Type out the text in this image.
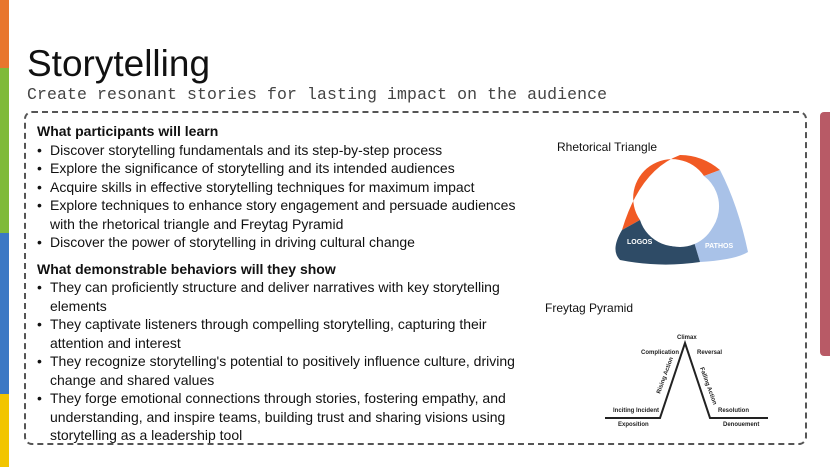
Storytelling
Create resonant stories for lasting impact on the audience
What participants will learn
• Discover storytelling fundamentals and its step-by-step process
• Explore the significance of storytelling and its intended audiences
• Acquire skills in effective storytelling techniques for maximum impact
• Explore techniques to enhance story engagement and persuade audiences with the rhetorical triangle and Freytag Pyramid
• Discover the power of storytelling in driving cultural change
What demonstrable behaviors will they show
• They can proficiently structure and deliver narratives with key storytelling elements
• They captivate listeners through compelling storytelling, capturing their attention and interest
• They recognize storytelling's potential to positively influence culture, driving change and shared values
• They forge emotional connections through stories, fostering empathy, and understanding, and inspire teams, building trust and sharing visions using storytelling as a leadership tool
Rhetorical Triangle
ETHOS
LOGOS
PATHOS
Freytag Pyramid
Climax
Complication	Reversal
Rising Action	Falling Action
Inciting Incident	Resolution
Exposition	Denouement
